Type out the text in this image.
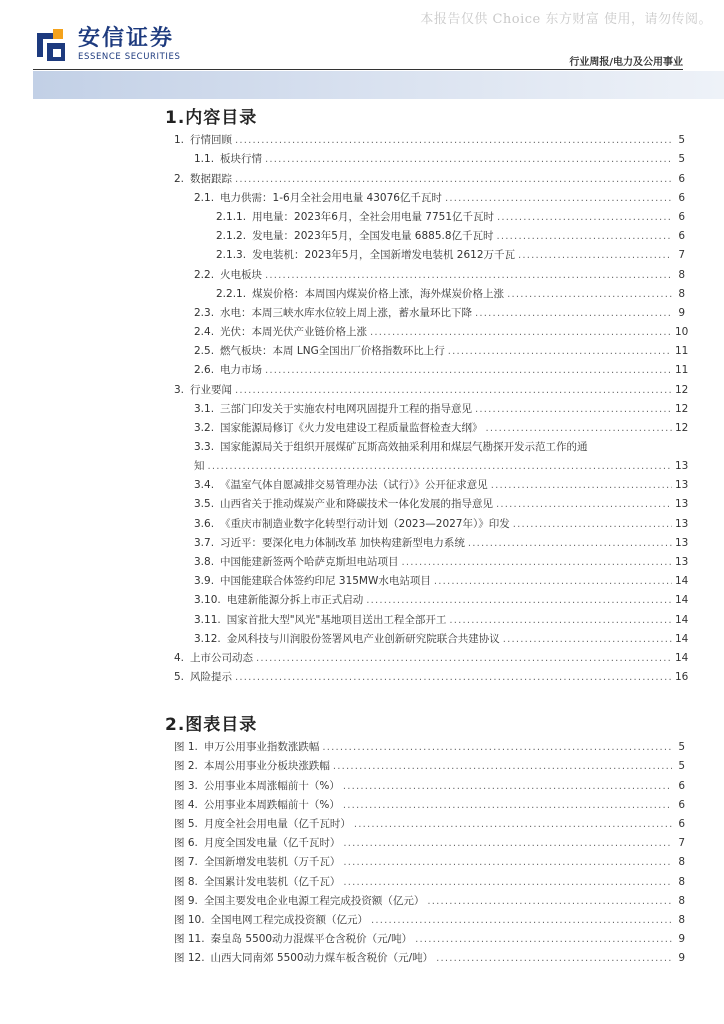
本报告仅供 Choice 东方财富 使用，请勿传阅。
安信证券
ESSENCE SECURITIES	行业周报/电力及公用事业
1.内容目录
1. 行情回顾 .....	5
1.1. 板块行情 .....	5
2. 数据跟踪 .....	6
2.1. 电力供需：1-6月全社会用电量 43076亿千瓦时 .....	6
2.1.1. 用电量：2023年6月，全社会用电量 7751亿千瓦时 .....	6
2.1.2. 发电量：2023年5月，全国发电量 6885.8亿千瓦时 .....	6
2.1.3. 发电装机：2023年5月，全国新增发电装机 2612万千瓦 .....	7
2.2. 火电板块 .....	8
2.2.1. 煤炭价格：本周国内煤炭价格上涨，海外煤炭价格上涨 .....	8
2.3. 水电：本周三峡水库水位较上周上涨，蓄水量环比下降 .....	9
2.4. 光伏：本周光伏产业链价格上涨 .....	10
2.5. 燃气板块：本周 LNG全国出厂价格指数环比上行 .....	11
2.6. 电力市场 .....	11
3. 行业要闻 .....	12
3.1. 三部门印发关于实施农村电网巩固提升工程的指导意见 .....	12
3.2. 国家能源局修订《火力发电建设工程质量监督检查大纲》 .....	12
3.3. 国家能源局关于组织开展煤矿瓦斯高效抽采利用和煤层气勘探开发示范工作的通
知 .....	13
3.4. 《温室气体自愿减排交易管理办法（试行）》公开征求意见 .....	13
3.5. 山西省关于推动煤炭产业和降碳技术一体化发展的指导意见 .....	13
3.6. 《重庆市制造业数字化转型行动计划（2023—2027年）》印发 .....	13
3.7. 习近平：要深化电力体制改革 加快构建新型电力系统 .....	13
3.8. 中国能建新签两个哈萨克斯坦电站项目 .....	13
3.9. 中国能建联合体签约印尼 315MW水电站项目 .....	14
3.10. 电建新能源分拆上市正式启动 .....	14
3.11. 国家首批大型"风光"基地项目送出工程全部开工 .....	14
3.12. 金风科技与川润股份签署风电产业创新研究院联合共建协议 .....	14
4. 上市公司动态 .....	14
5. 风险提示 .....	16
2.图表目录
图 1. 申万公用事业指数涨跌幅 .....	5
图 2. 本周公用事业分板块涨跌幅 .....	5
图 3. 公用事业本周涨幅前十（%） .....	6
图 4. 公用事业本周跌幅前十（%） .....	6
图 5. 月度全社会用电量（亿千瓦时） .....	6
图 6. 月度全国发电量（亿千瓦时） .....	7
图 7. 全国新增发电装机（万千瓦） .....	8
图 8. 全国累计发电装机（亿千瓦） .....	8
图 9. 全国主要发电企业电源工程完成投资额（亿元） .....	8
图 10. 全国电网工程完成投资额（亿元） .....	8
图 11. 秦皇岛 5500动力混煤平仓含税价（元/吨） .....	9
图 12. 山西大同南郊 5500动力煤车板含税价（元/吨） .....	9
